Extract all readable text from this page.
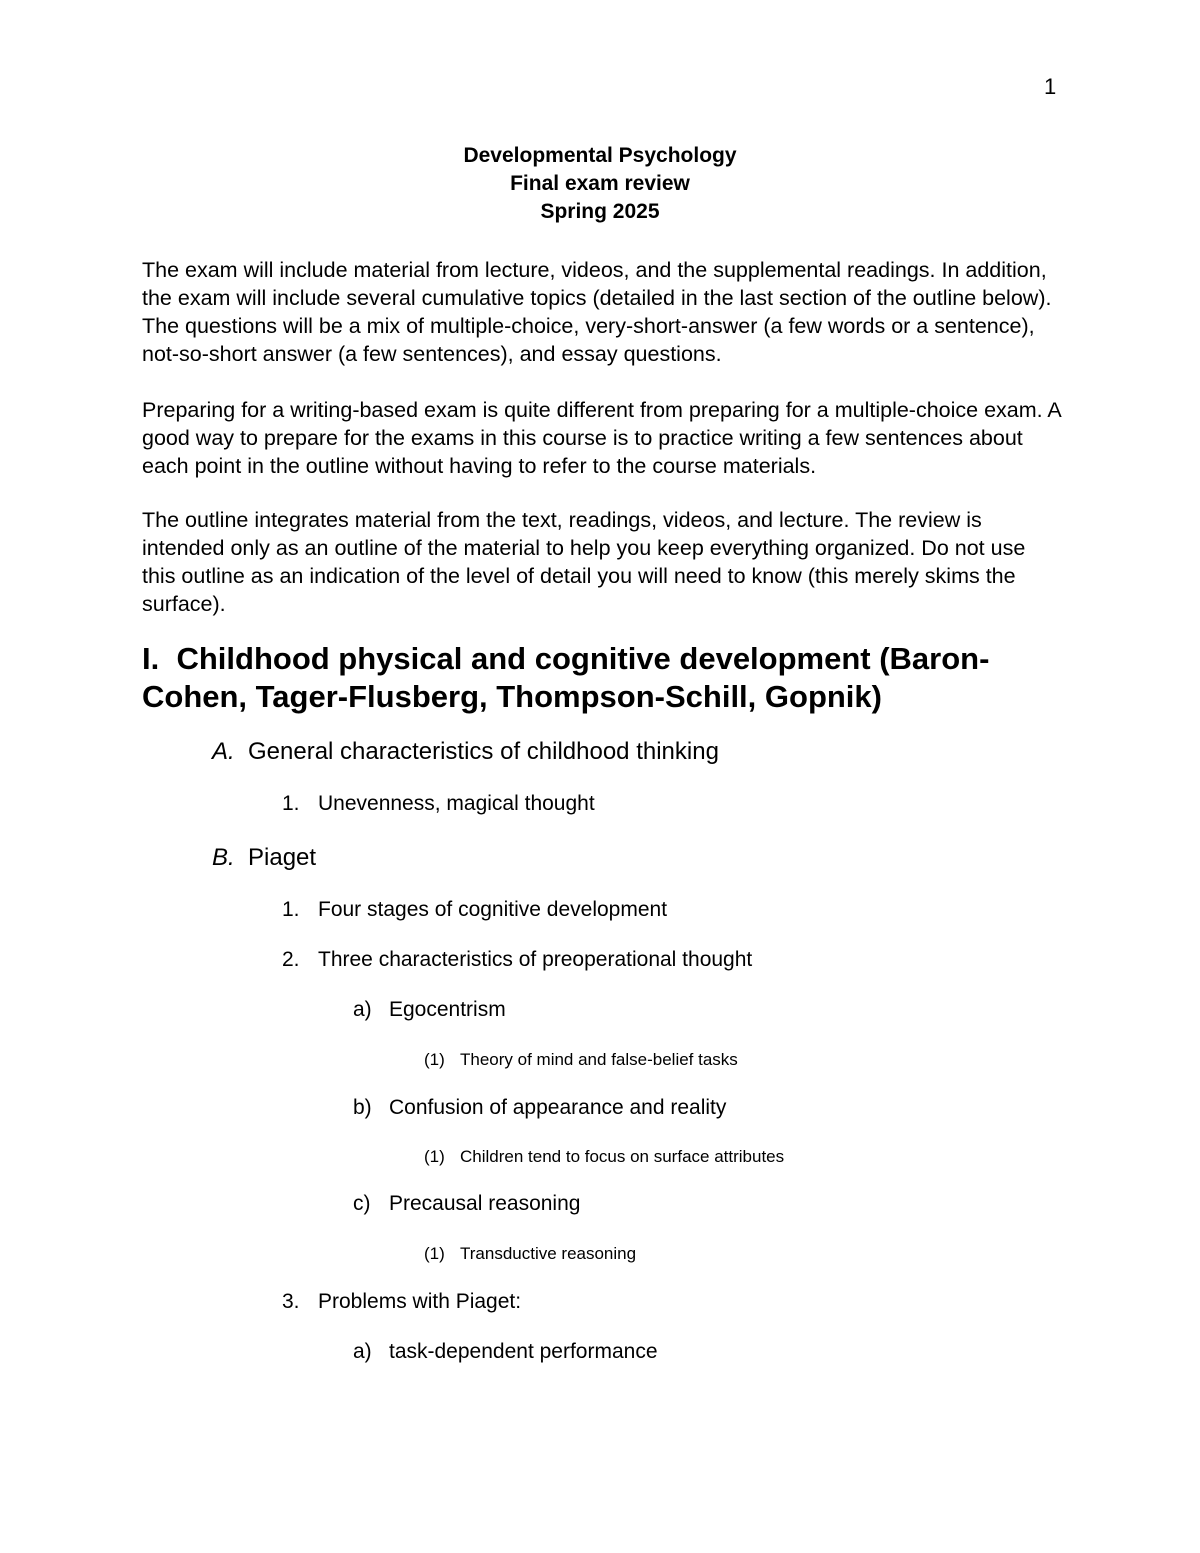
1
Developmental Psychology
Final exam review
Spring 2025

The exam will include material from lecture, videos, and the supplemental readings. In addition, the exam will include several cumulative topics (detailed in the last section of the outline below). The questions will be a mix of multiple-choice, very-short-answer (a few words or a sentence), not-so-short answer (a few sentences), and essay questions.

Preparing for a writing-based exam is quite different from preparing for a multiple-choice exam. A good way to prepare for the exams in this course is to practice writing a few sentences about each point in the outline without having to refer to the course materials.

The outline integrates material from the text, readings, videos, and lecture. The review is intended only as an outline of the material to help you keep everything organized. Do not use this outline as an indication of the level of detail you will need to know (this merely skims the surface).

I. Childhood physical and cognitive development (Baron-Cohen, Tager-Flusberg, Thompson-Schill, Gopnik)
A. General characteristics of childhood thinking
1. Unevenness, magical thought
B. Piaget
1. Four stages of cognitive development
2. Three characteristics of preoperational thought
a) Egocentrism
(1) Theory of mind and false-belief tasks
b) Confusion of appearance and reality
(1) Children tend to focus on surface attributes
c) Precausal reasoning
(1) Transductive reasoning
3. Problems with Piaget:
a) task-dependent performance
